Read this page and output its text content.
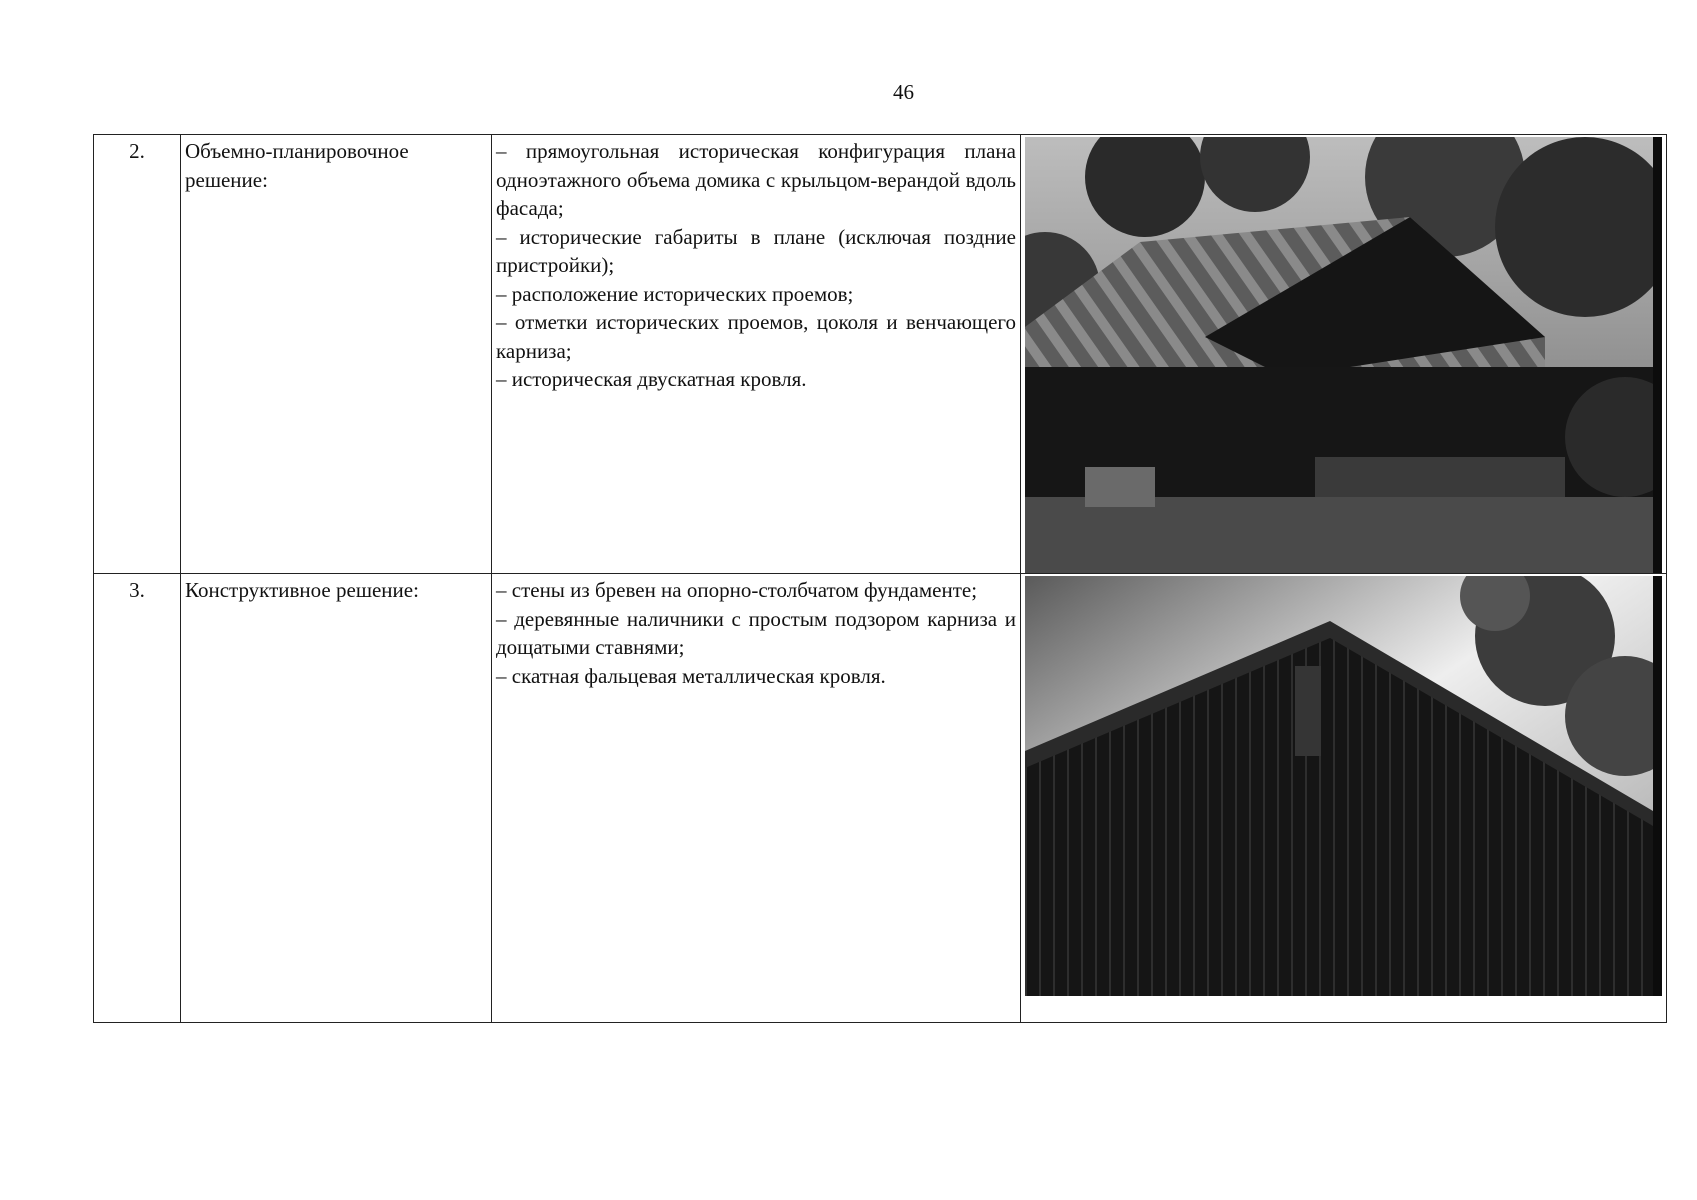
46
2.	Объемно-планировочное решение:	– прямоугольная историческая конфигурация плана одноэтажного объема домика с крыльцом-верандой вдоль фасада;

– исторические габариты в плане (исключая поздние пристройки);

– расположение исторических проемов;

– отметки исторических проемов, цоколя и венчающего карниза;

– историческая двускатная кровля.

3.	Конструктивное решение:	– стены из бревен на опорно-столбчатом фундаменте;

– деревянные наличники с простым подзором карниза и дощатыми ставнями;

– скатная фальцевая металлическая кровля.
